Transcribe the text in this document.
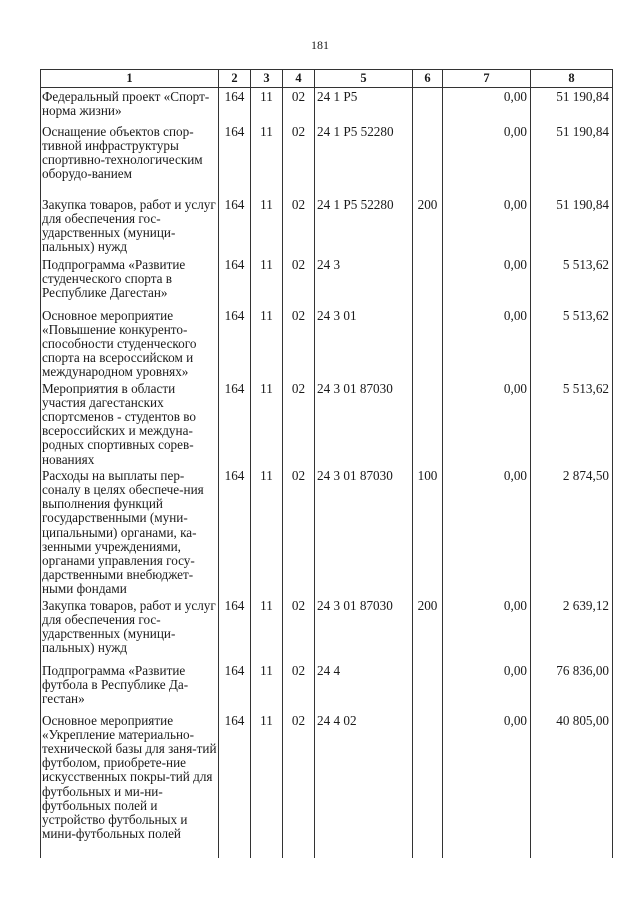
181
1	2	3	4	5	6	7	8
Федеральный проект «Спорт-норма жизни»	164	11	02	24 1 P5		0,00	51 190,84
Оснащение объектов спор-тивной инфраструктуры спортивно-технологическим оборудо-ванием	164	11	02	24 1 P5 52280		0,00	51 190,84
Закупка товаров, работ и услуг для обеспечения гос-ударственных (муници-пальных) нужд	164	11	02	24 1 P5 52280	200	0,00	51 190,84
Подпрограмма «Развитие студенческого спорта в Республике Дагестан»	164	11	02	24 3		0,00	5 513,62
Основное мероприятие «Повышение конкуренто-способности студенческого спорта на всероссийском и международном уровнях»	164	11	02	24 3 01		0,00	5 513,62
Мероприятия в области участия дагестанских спортсменов - студентов во всероссийских и междуна-родных спортивных сорев-нованиях	164	11	02	24 3 01 87030		0,00	5 513,62
Расходы на выплаты пер-соналу в целях обеспече-ния выполнения функций государственными (муни-ципальными) органами, ка-зенными учреждениями, органами управления госу-дарственными внебюджет-ными фондами	164	11	02	24 3 01 87030	100	0,00	2 874,50
Закупка товаров, работ и услуг для обеспечения гос-ударственных (муници-пальных) нужд	164	11	02	24 3 01 87030	200	0,00	2 639,12
Подпрограмма «Развитие футбола в Республике Да-гестан»	164	11	02	24 4		0,00	76 836,00
Основное мероприятие «Укрепление материально-технической базы для заня-тий футболом, приобрете-ние искусственных покры-тий для футбольных и ми-ни-футбольных полей и устройство футбольных и мини-футбольных полей	164	11	02	24 4 02		0,00	40 805,00
